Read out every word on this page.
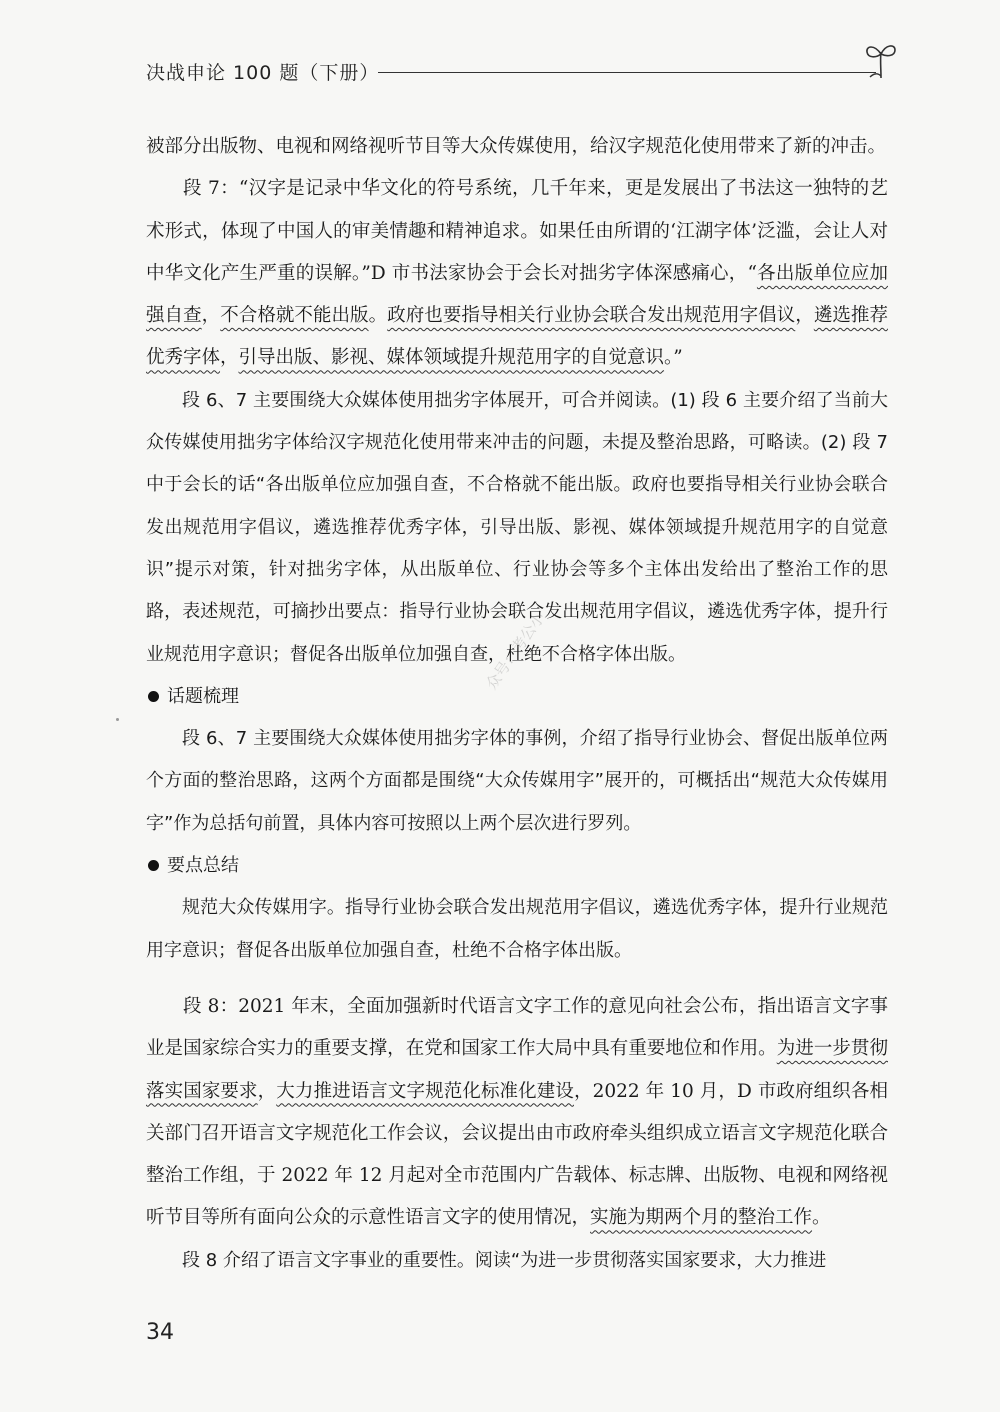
决战申论 100 题（下册）

被部分出版物、电视和网络视听节目等大众传媒使用，给汉字规范化使用带来了新的冲击。

段 7：“汉字是记录中华文化的符号系统，几千年来，更是发展出了书法这一独特的艺术形式，体现了中国人的审美情趣和精神追求。如果任由所谓的‘江湖字体’泛滥，会让人对中华文化产生严重的误解。”D 市书法家协会于会长对拙劣字体深感痛心，“各出版单位应加强自查，不合格就不能出版。政府也要指导相关行业协会联合发出规范用字倡议，遴选推荐优秀字体，引导出版、影视、媒体领域提升规范用字的自觉意识。”

段 6、7 主要围绕大众媒体使用拙劣字体展开，可合并阅读。(1) 段 6 主要介绍了当前大众传媒使用拙劣字体给汉字规范化使用带来冲击的问题，未提及整治思路，可略读。(2) 段 7 中于会长的话“各出版单位应加强自查，不合格就不能出版。政府也要指导相关行业协会联合发出规范用字倡议，遴选推荐优秀字体，引导出版、影视、媒体领域提升规范用字的自觉意识”提示对策，针对拙劣字体，从出版单位、行业协会等多个主体出发给出了整治工作的思路，表述规范，可摘抄出要点：指导行业协会联合发出规范用字倡议，遴选优秀字体，提升行业规范用字意识；督促各出版单位加强自查，杜绝不合格字体出版。

话题梳理

段 6、7 主要围绕大众媒体使用拙劣字体的事例，介绍了指导行业协会、督促出版单位两个方面的整治思路，这两个方面都是围绕“大众传媒用字”展开的，可概括出“规范大众传媒用字”作为总括句前置，具体内容可按照以上两个层次进行罗列。

要点总结

规范大众传媒用字。指导行业协会联合发出规范用字倡议，遴选优秀字体，提升行业规范用字意识；督促各出版单位加强自查，杜绝不合格字体出版。

段 8：2021 年末，全面加强新时代语言文字工作的意见向社会公布，指出语言文字事业是国家综合实力的重要支撑，在党和国家工作大局中具有重要地位和作用。为进一步贯彻落实国家要求，大力推进语言文字规范化标准化建设，2022 年 10 月，D 市政府组织各相关部门召开语言文字规范化工作会议，会议提出由市政府牵头组织成立语言文字规范化联合整治工作组，于 2022 年 12 月起对全市范围内广告载体、标志牌、出版物、电视和网络视听节目等所有面向公众的示意性语言文字的使用情况，实施为期两个月的整治工作。

段 8 介绍了语言文字事业的重要性。阅读“为进一步贯彻落实国家要求，大力推进

众号：考公小
34
